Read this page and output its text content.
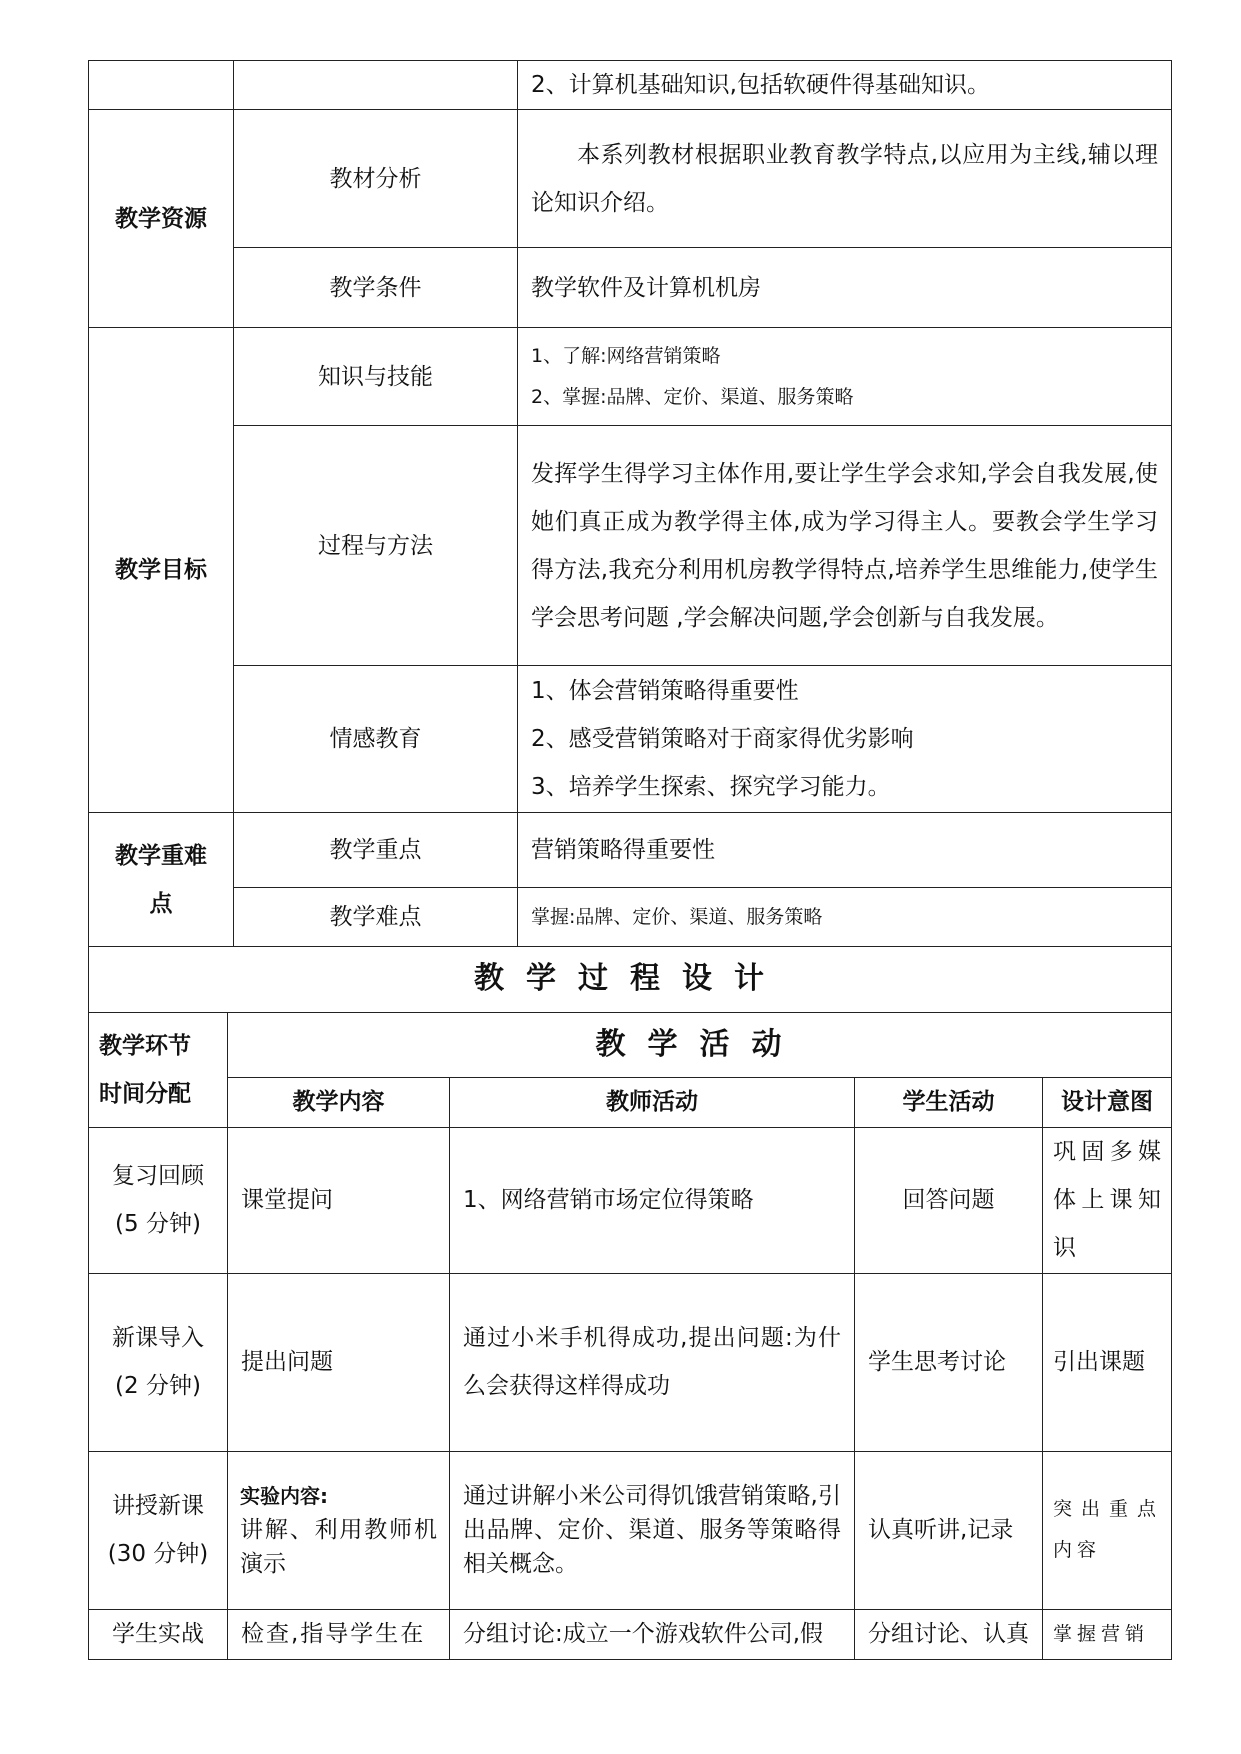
		2、计算机基础知识,包括软硬件得基础知识。
教学资源	教材分析	本系列教材根据职业教育教学特点,以应用为主线,辅以理论知识介绍。
	教学条件	教学软件及计算机机房
教学目标	知识与技能	1、了解:网络营销策略
2、掌握:品牌、定价、渠道、服务策略

	过程与方法	发挥学生得学习主体作用,要让学生学会求知,学会自我发展,使她们真正成为教学得主体,成为学习得主人。要教会学生学习得方法,我充分利用机房教学得特点,培养学生思维能力,使学生学会思考问题 ,学会解决问题,学会创新与自我发展。
	情感教育	1、体会营销策略得重要性
2、感受营销策略对于商家得优劣影响
3、培养学生探索、探究学习能力。

教学重难
点	教学重点	营销策略得重要性
	教学难点	掌握:品牌、定价、渠道、服务策略
教学过程设计				

教学环节
时间分配	教学活动			
	教学内容	教师活动	学生活动	设计意图

复习回顾
(5 分钟)	课堂提问	1、网络营销市场定位得策略	回答问题	巩固多媒体上课知识

新课导入
(2 分钟)	提出问题	通过小米手机得成功,提出问题:为什么会获得这样得成功	学生思考讨论	引出课题

讲授新课
(30 分钟)	实验内容:
讲解、利用教师机演示	通过讲解小米公司得饥饿营销策略,引出品牌、定价、渠道、服务等策略得相关概念。	认真听讲,记录	突出重点内容
学生实战	检查,指导学生在	分组讨论:成立一个游戏软件公司,假	分组讨论、认真	掌握营销
